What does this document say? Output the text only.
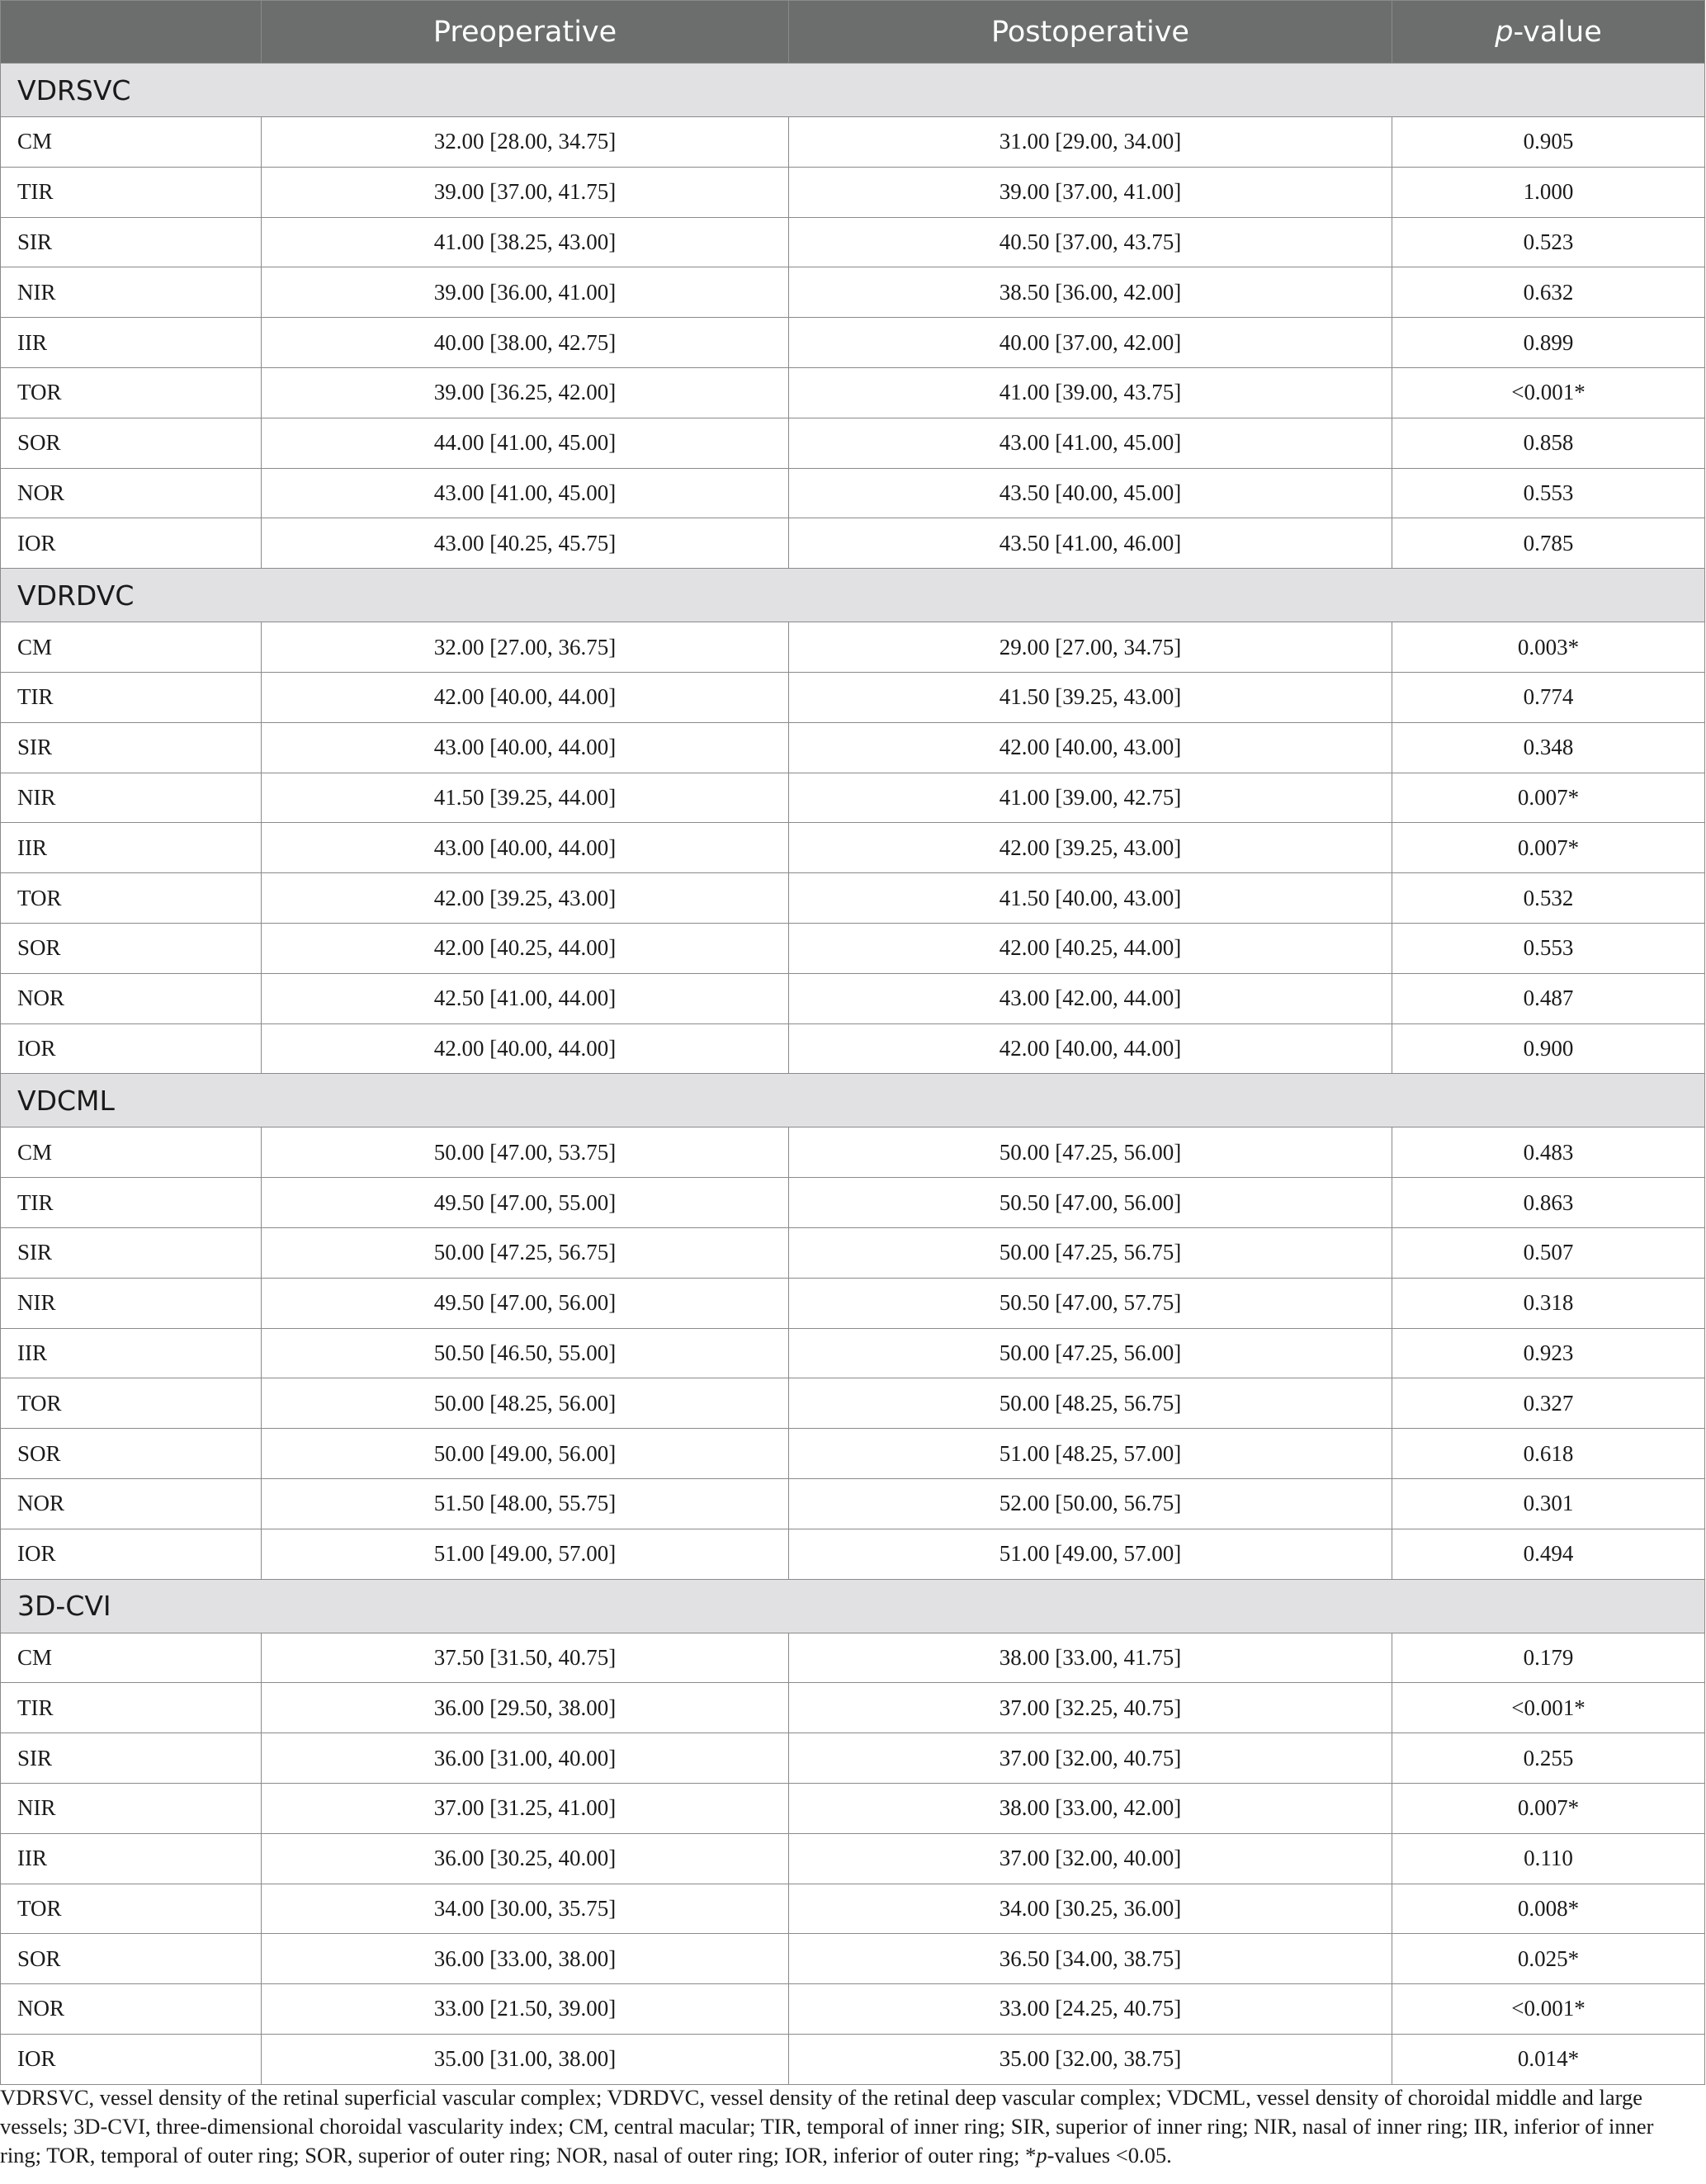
	Preoperative	Postoperative	p-value
VDRSVC			
CM	32.00 [28.00, 34.75]	31.00 [29.00, 34.00]	0.905
TIR	39.00 [37.00, 41.75]	39.00 [37.00, 41.00]	1.000
SIR	41.00 [38.25, 43.00]	40.50 [37.00, 43.75]	0.523
NIR	39.00 [36.00, 41.00]	38.50 [36.00, 42.00]	0.632
IIR	40.00 [38.00, 42.75]	40.00 [37.00, 42.00]	0.899
TOR	39.00 [36.25, 42.00]	41.00 [39.00, 43.75]	<0.001*
SOR	44.00 [41.00, 45.00]	43.00 [41.00, 45.00]	0.858
NOR	43.00 [41.00, 45.00]	43.50 [40.00, 45.00]	0.553
IOR	43.00 [40.25, 45.75]	43.50 [41.00, 46.00]	0.785
VDRDVC			
CM	32.00 [27.00, 36.75]	29.00 [27.00, 34.75]	0.003*
TIR	42.00 [40.00, 44.00]	41.50 [39.25, 43.00]	0.774
SIR	43.00 [40.00, 44.00]	42.00 [40.00, 43.00]	0.348
NIR	41.50 [39.25, 44.00]	41.00 [39.00, 42.75]	0.007*
IIR	43.00 [40.00, 44.00]	42.00 [39.25, 43.00]	0.007*
TOR	42.00 [39.25, 43.00]	41.50 [40.00, 43.00]	0.532
SOR	42.00 [40.25, 44.00]	42.00 [40.25, 44.00]	0.553
NOR	42.50 [41.00, 44.00]	43.00 [42.00, 44.00]	0.487
IOR	42.00 [40.00, 44.00]	42.00 [40.00, 44.00]	0.900
VDCML			
CM	50.00 [47.00, 53.75]	50.00 [47.25, 56.00]	0.483
TIR	49.50 [47.00, 55.00]	50.50 [47.00, 56.00]	0.863
SIR	50.00 [47.25, 56.75]	50.00 [47.25, 56.75]	0.507
NIR	49.50 [47.00, 56.00]	50.50 [47.00, 57.75]	0.318
IIR	50.50 [46.50, 55.00]	50.00 [47.25, 56.00]	0.923
TOR	50.00 [48.25, 56.00]	50.00 [48.25, 56.75]	0.327
SOR	50.00 [49.00, 56.00]	51.00 [48.25, 57.00]	0.618
NOR	51.50 [48.00, 55.75]	52.00 [50.00, 56.75]	0.301
IOR	51.00 [49.00, 57.00]	51.00 [49.00, 57.00]	0.494
3D-CVI			
CM	37.50 [31.50, 40.75]	38.00 [33.00, 41.75]	0.179
TIR	36.00 [29.50, 38.00]	37.00 [32.25, 40.75]	<0.001*
SIR	36.00 [31.00, 40.00]	37.00 [32.00, 40.75]	0.255
NIR	37.00 [31.25, 41.00]	38.00 [33.00, 42.00]	0.007*
IIR	36.00 [30.25, 40.00]	37.00 [32.00, 40.00]	0.110
TOR	34.00 [30.00, 35.75]	34.00 [30.25, 36.00]	0.008*
SOR	36.00 [33.00, 38.00]	36.50 [34.00, 38.75]	0.025*
NOR	33.00 [21.50, 39.00]	33.00 [24.25, 40.75]	<0.001*
IOR	35.00 [31.00, 38.00]	35.00 [32.00, 38.75]	0.014*
VDRSVC, vessel density of the retinal superficial vascular complex; VDRDVC, vessel density of the retinal deep vascular complex; VDCML, vessel density of choroidal middle and large vessels; 3D-CVI, three-dimensional choroidal vascularity index; CM, central macular; TIR, temporal of inner ring; SIR, superior of inner ring; NIR, nasal of inner ring; IIR, inferior of inner ring; TOR, temporal of outer ring; SOR, superior of outer ring; NOR, nasal of outer ring; IOR, inferior of outer ring; *p-values <0.05.
